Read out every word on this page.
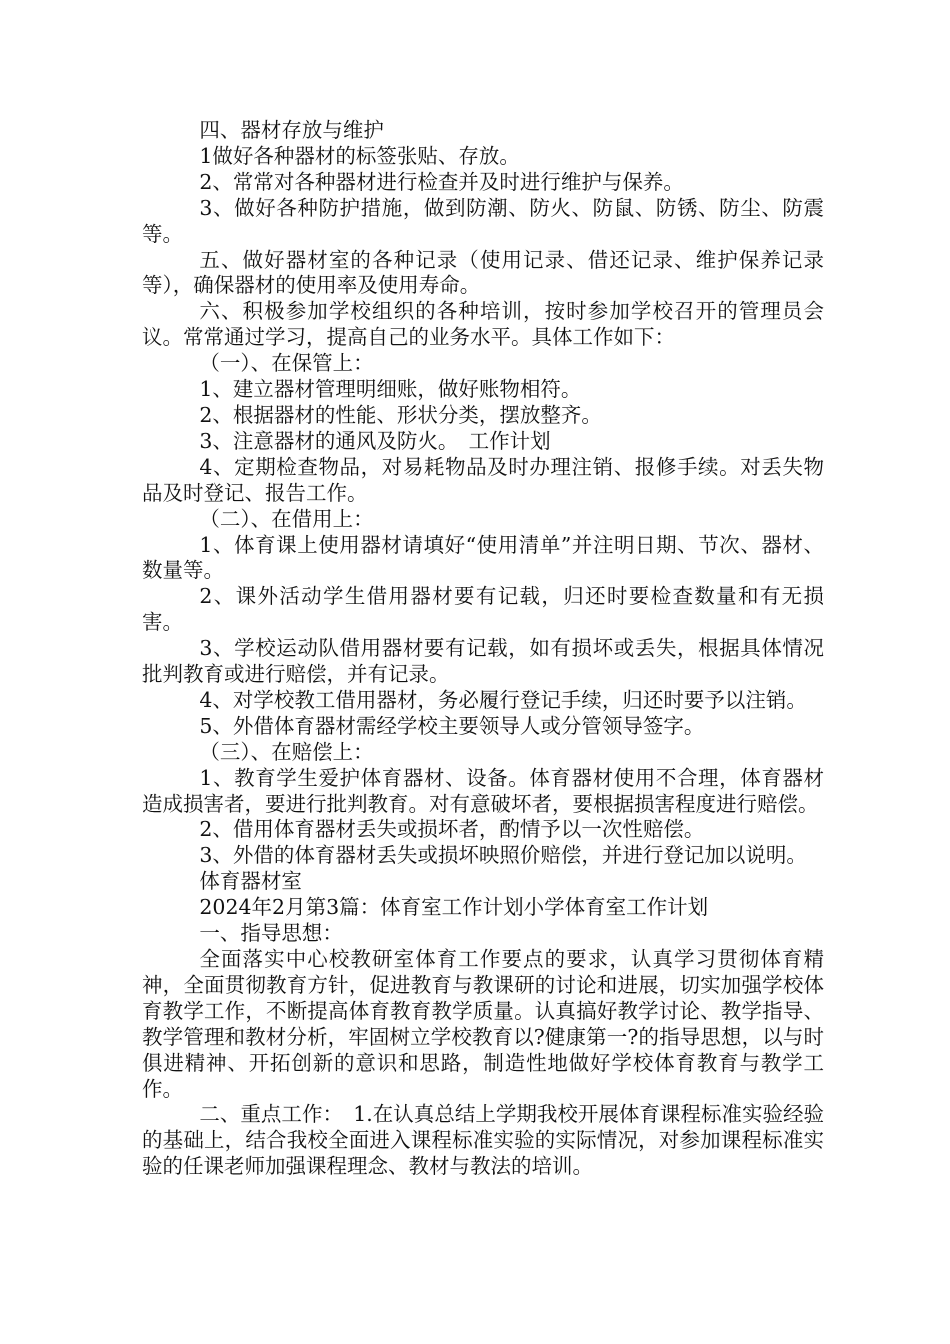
四、器材存放与维护

1做好各种器材的标签张贴、存放。

2、常常对各种器材进行检查并及时进行维护与保养。

3、做好各种防护措施，做到防潮、防火、防鼠、防锈、防尘、防震等。

五、做好器材室的各种记录（使用记录、借还记录、维护保养记录等），确保器材的使用率及使用寿命。

六、积极参加学校组织的各种培训，按时参加学校召开的管理员会议。常常通过学习，提高自己的业务水平。具体工作如下：

（一）、在保管上：

1、建立器材管理明细账，做好账物相符。

2、根据器材的性能、形状分类，摆放整齐。

3、注意器材的通风及防火。　工作计划

4、定期检查物品，对易耗物品及时办理注销、报修手续。对丢失物品及时登记、报告工作。

（二）、在借用上：

1、体育课上使用器材请填好“使用清单”并注明日期、节次、器材、数量等。

2、课外活动学生借用器材要有记载，归还时要检查数量和有无损害。

3、学校运动队借用器材要有记载，如有损坏或丢失，根据具体情况批判教育或进行赔偿，并有记录。

4、对学校教工借用器材，务必履行登记手续，归还时要予以注销。

5、外借体育器材需经学校主要领导人或分管领导签字。

（三）、在赔偿上：

1、教育学生爱护体育器材、设备。体育器材使用不合理，体育器材造成损害者，要进行批判教育。对有意破坏者，要根据损害程度进行赔偿。

2、借用体育器材丢失或损坏者，酌情予以一次性赔偿。

3、外借的体育器材丢失或损坏映照价赔偿，并进行登记加以说明。

体育器材室

2024年2月第3篇：体育室工作计划小学体育室工作计划

一、指导思想：

全面落实中心校教研室体育工作要点的要求，认真学习贯彻体育精神，全面贯彻教育方针，促进教育与教课研的讨论和进展，切实加强学校体育教学工作，不断提高体育教育教学质量。认真搞好教学讨论、教学指导、教学管理和教材分析，牢固树立学校教育以?健康第一?的指导思想，以与时俱进精神、开拓创新的意识和思路，制造性地做好学校体育教育与教学工作。

二、重点工作：　1.在认真总结上学期我校开展体育课程标准实验经验的基础上，结合我校全面进入课程标准实验的实际情况，对参加课程标准实验的任课老师加强课程理念、教材与教法的培训。
